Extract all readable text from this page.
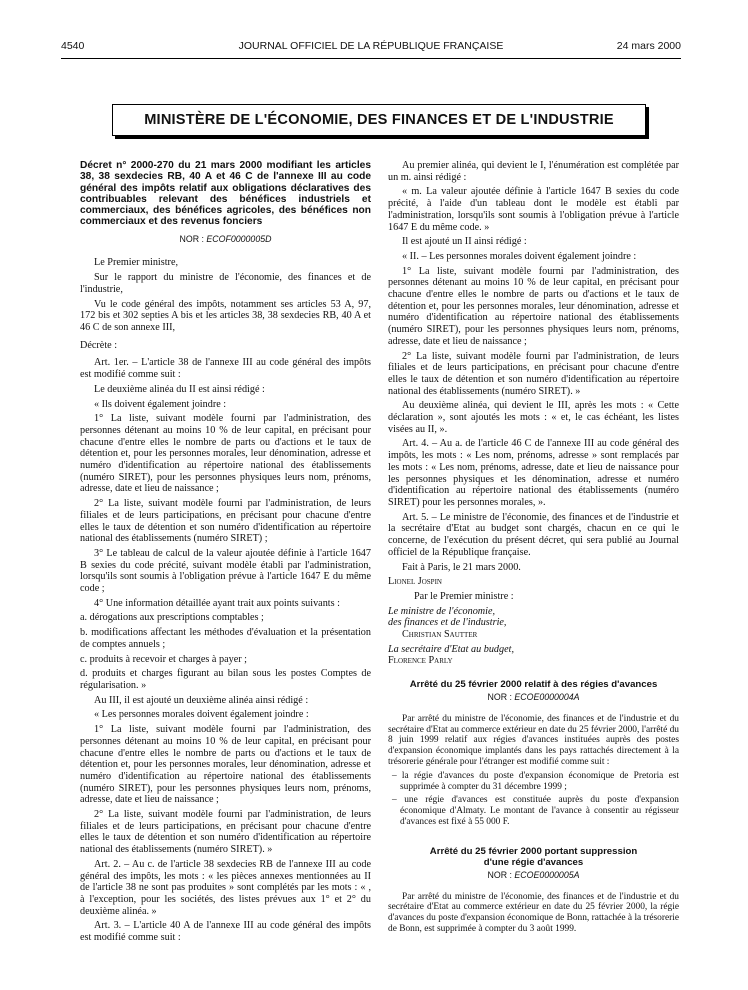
4540	JOURNAL OFFICIEL DE LA RÉPUBLIQUE FRANÇAISE	24 mars 2000
MINISTÈRE DE L'ÉCONOMIE, DES FINANCES ET DE L'INDUSTRIE
Décret n° 2000-270 du 21 mars 2000 modifiant les articles 38, 38 sexdecies RB, 40 A et 46 C de l'annexe III au code général des impôts relatif aux obligations déclaratives des contribuables relevant des bénéfices industriels et commerciaux, des bénéfices agricoles, des bénéfices non commerciaux et des revenus fonciers
NOR : ECOF0000005D

Le Premier ministre,

Sur le rapport du ministre de l'économie, des finances et de l'industrie,

Vu le code général des impôts, notamment ses articles 53 A, 97, 172 bis et 302 septies A bis et les articles 38, 38 sexdecies RB, 40 A et 46 C de son annexe III,

Décrète :

Art. 1er. – L'article 38 de l'annexe III au code général des impôts est modifié comme suit :

Le deuxième alinéa du II est ainsi rédigé :

« Ils doivent également joindre :

1° La liste, suivant modèle fourni par l'administration, des personnes détenant au moins 10 % de leur capital, en précisant pour chacune d'entre elles le nombre de parts ou d'actions et le taux de détention et, pour les personnes morales, leur dénomination, adresse et numéro d'identification au répertoire national des établissements (numéro SIRET), pour les personnes physiques leurs nom, prénoms, adresse, date et lieu de naissance ;

2° La liste, suivant modèle fourni par l'administration, de leurs filiales et de leurs participations, en précisant pour chacune d'entre elles le taux de détention et son numéro d'identification au répertoire national des établissements (numéro SIRET) ;

3° Le tableau de calcul de la valeur ajoutée définie à l'article 1647 B sexies du code précité, suivant modèle établi par l'administration, lorsqu'ils sont soumis à l'obligation prévue à l'article 1647 E du même code ;

4° Une information détaillée ayant trait aux points suivants :

a. dérogations aux prescriptions comptables ;

b. modifications affectant les méthodes d'évaluation et la présentation de comptes annuels ;

c. produits à recevoir et charges à payer ;

d. produits et charges figurant au bilan sous les postes Comptes de régularisation. »

Au III, il est ajouté un deuxième alinéa ainsi rédigé :

« Les personnes morales doivent également joindre :

1° La liste, suivant modèle fourni par l'administration, des personnes détenant au moins 10 % de leur capital, en précisant pour chacune d'entre elles le nombre de parts ou d'actions et le taux de détention et, pour les personnes morales, leur dénomination, adresse et numéro d'identification au répertoire national des établissements (numéro SIRET), pour les personnes physiques leurs nom, prénoms, adresse, date et lieu de naissance ;

2° La liste, suivant modèle fourni par l'administration, de leurs filiales et de leurs participations, en précisant pour chacune d'entre elles le taux de détention et son numéro d'identification au répertoire national des établissements (numéro SIRET). »

Art. 2. – Au c. de l'article 38 sexdecies RB de l'annexe III au code général des impôts, les mots : « les pièces annexes mentionnées au II de l'article 38 ne sont pas produites » sont complétés par les mots : « , à l'exception, pour les sociétés, des listes prévues aux 1° et 2° du deuxième alinéa. »

Art. 3. – L'article 40 A de l'annexe III au code général des impôts est modifié comme suit :

Au premier alinéa, qui devient le I, l'énumération est complétée par un m. ainsi rédigé :

« m. La valeur ajoutée définie à l'article 1647 B sexies du code précité, à l'aide d'un tableau dont le modèle est établi par l'administration, lorsqu'ils sont soumis à l'obligation prévue à l'article 1647 E du même code. »

Il est ajouté un II ainsi rédigé :

« II. – Les personnes morales doivent également joindre :

1° La liste, suivant modèle fourni par l'administration, des personnes détenant au moins 10 % de leur capital, en précisant pour chacune d'entre elles le nombre de parts ou d'actions et le taux de détention et, pour les personnes morales, leur dénomination, adresse et numéro d'identification au répertoire national des établissements (numéro SIRET), pour les personnes physiques leurs nom, prénoms, adresse, date et lieu de naissance ;

2° La liste, suivant modèle fourni par l'administration, de leurs filiales et de leurs participations, en précisant pour chacune d'entre elles le taux de détention et son numéro d'identification au répertoire national des établissements (numéro SIRET). »

Au deuxième alinéa, qui devient le III, après les mots : « Cette déclaration », sont ajoutés les mots : « et, le cas échéant, les listes visées au II, ».

Art. 4. – Au a. de l'article 46 C de l'annexe III au code général des impôts, les mots : « Les nom, prénoms, adresse » sont remplacés par les mots : « Les nom, prénoms, adresse, date et lieu de naissance pour les personnes physiques et les dénomination, adresse et numéro d'identification au répertoire national des établissements (numéro SIRET) pour les personnes morales, ».

Art. 5. – Le ministre de l'économie, des finances et de l'industrie et la secrétaire d'Etat au budget sont chargés, chacun en ce qui le concerne, de l'exécution du présent décret, qui sera publié au Journal officiel de la République française.

Fait à Paris, le 21 mars 2000.

Lionel Jospin

Par le Premier ministre :

Le ministre de l'économie,

des finances et de l'industrie,

Christian Sautter

La secrétaire d'Etat au budget,

Florence Parly

Arrêté du 25 février 2000 relatif à des régies d'avances
NOR : ECOE0000004A

Par arrêté du ministre de l'économie, des finances et de l'industrie et du secrétaire d'Etat au commerce extérieur en date du 25 février 2000, l'arrêté du 8 juin 1999 relatif aux régies d'avances instituées auprès des postes d'expansion économique implantés dans les pays rattachés directement à la trésorerie générale pour l'étranger est modifié comme suit :

– la régie d'avances du poste d'expansion économique de Pretoria est supprimée à compter du 31 décembre 1999 ;

– une régie d'avances est constituée auprès du poste d'expansion économique d'Almaty. Le montant de l'avance à consentir au régisseur d'avances est fixé à 55 000 F.

Arrêté du 25 février 2000 portant suppression
d'une régie d'avances
NOR : ECOE0000005A

Par arrêté du ministre de l'économie, des finances et de l'industrie et du secrétaire d'Etat au commerce extérieur en date du 25 février 2000, la régie d'avances du poste d'expansion économique de Bonn, rattachée à la trésorerie de Bonn, est supprimée à compter du 3 août 1999.
